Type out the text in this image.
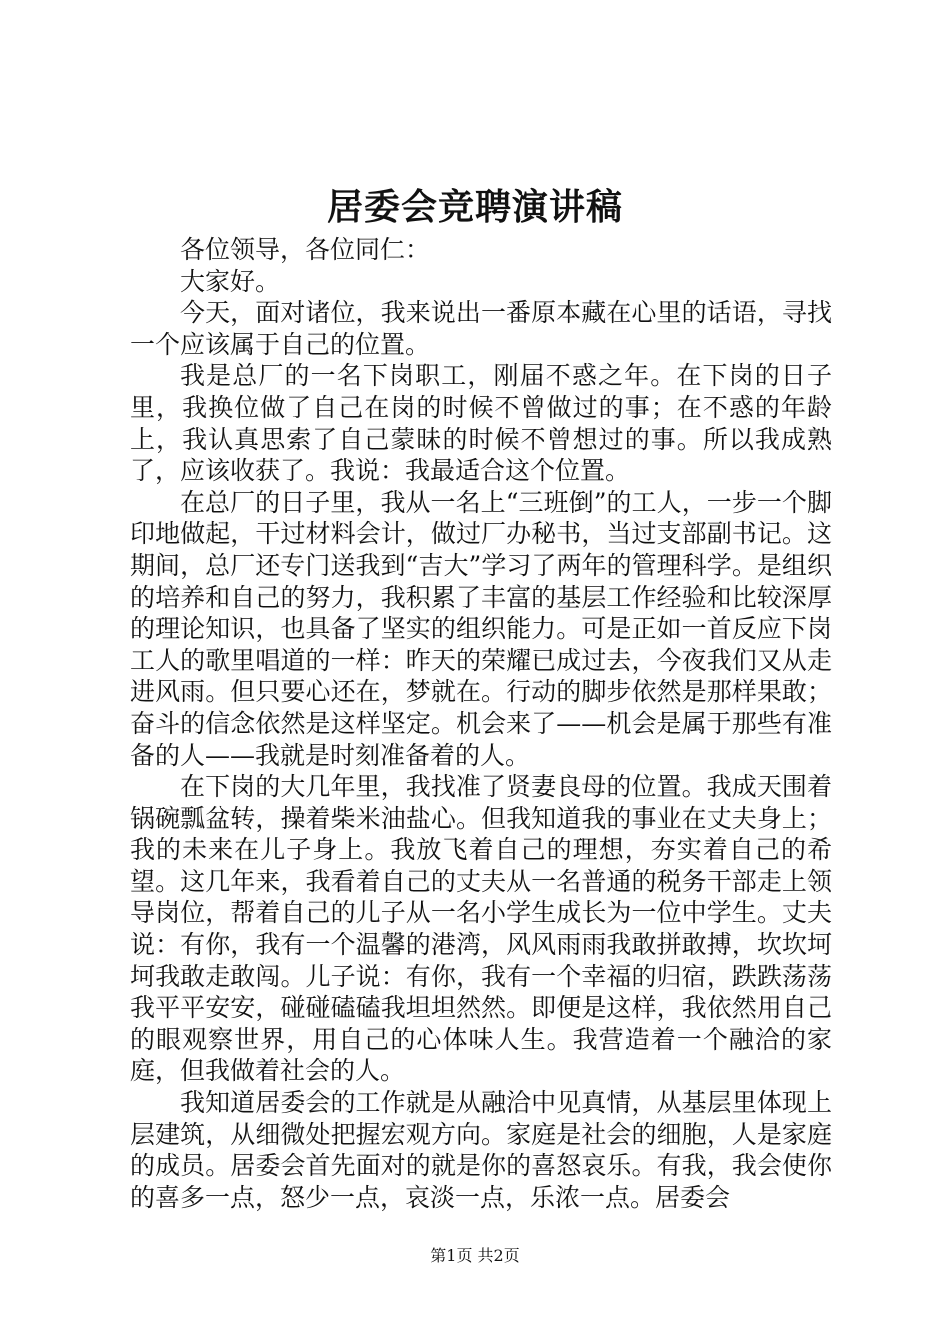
居委会竞聘演讲稿

各位领导，各位同仁：

大家好。

今天，面对诸位，我来说出一番原本藏在心里的话语，寻找一个应该属于自己的位置。

我是总厂的一名下岗职工，刚届不惑之年。在下岗的日子里，我换位做了自己在岗的时候不曾做过的事；在不惑的年龄上，我认真思索了自己蒙昧的时候不曾想过的事。所以我成熟了，应该收获了。我说：我最适合这个位置。

在总厂的日子里，我从一名上“三班倒”的工人，一步一个脚印地做起，干过材料会计，做过厂办秘书，当过支部副书记。这期间，总厂还专门送我到“吉大”学习了两年的管理科学。是组织的培养和自己的努力，我积累了丰富的基层工作经验和比较深厚的理论知识，也具备了坚实的组织能力。可是正如一首反应下岗工人的歌里唱道的一样：昨天的荣耀已成过去，今夜我们又从走进风雨。但只要心还在，梦就在。行动的脚步依然是那样果敢；奋斗的信念依然是这样坚定。机会来了——机会是属于那些有准备的人——我就是时刻准备着的人。

在下岗的大几年里，我找准了贤妻良母的位置。我成天围着锅碗瓢盆转，操着柴米油盐心。但我知道我的事业在丈夫身上；我的未来在儿子身上。我放飞着自己的理想，夯实着自己的希望。这几年来，我看着自己的丈夫从一名普通的税务干部走上领导岗位，帮着自己的儿子从一名小学生成长为一位中学生。丈夫说：有你，我有一个温馨的港湾，风风雨雨我敢拼敢搏，坎坎坷坷我敢走敢闯。儿子说：有你，我有一个幸福的归宿，跌跌荡荡我平平安安，碰碰磕磕我坦坦然然。即便是这样，我依然用自己的眼观察世界，用自己的心体味人生。我营造着一个融洽的家庭，但我做着社会的人。

我知道居委会的工作就是从融洽中见真情，从基层里体现上层建筑，从细微处把握宏观方向。家庭是社会的细胞，人是家庭的成员。居委会首先面对的就是你的喜怒哀乐。有我，我会使你的喜多一点，怒少一点，哀淡一点，乐浓一点。居委会

第1页 共2页
